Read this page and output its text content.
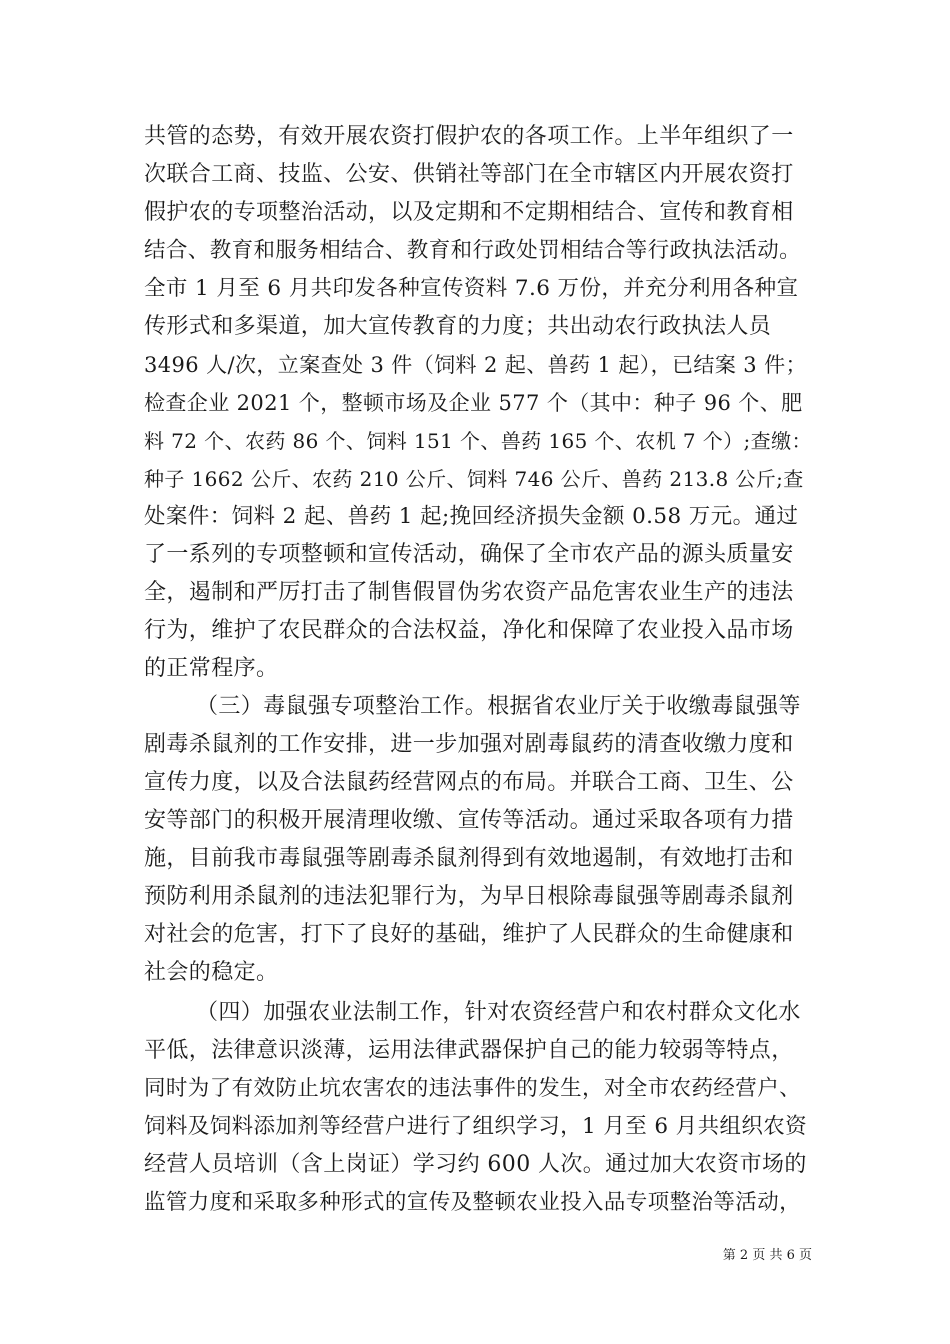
共管的态势，有效开展农资打假护农的各项工作。上半年组织了一
次联合工商、技监、公安、供销社等部门在全市辖区内开展农资打
假护农的专项整治活动，以及定期和不定期相结合、宣传和教育相
结合、教育和服务相结合、教育和行政处罚相结合等行政执法活动。
全市 1 月至 6 月共印发各种宣传资料 7.6 万份，并充分利用各种宣
传形式和多渠道，加大宣传教育的力度；共出动农行政执法人员
3496 人/次，立案查处 3 件（饲料 2 起、兽药 1 起），已结案 3 件；
检查企业 2021 个，整顿市场及企业 577 个（其中：种子 96 个、肥
料 72 个、农药 86 个、饲料 151 个、兽药 165 个、农机 7 个）;查缴：
种子 1662 公斤、农药 210 公斤、饲料 746 公斤、兽药 213.8 公斤;查
处案件：饲料 2 起、兽药 1 起;挽回经济损失金额 0.58 万元。通过
了一系列的专项整顿和宣传活动，确保了全市农产品的源头质量安
全，遏制和严厉打击了制售假冒伪劣农资产品危害农业生产的违法
行为，维护了农民群众的合法权益，净化和保障了农业投入品市场
的正常程序。
（三）毒鼠强专项整治工作。根据省农业厅关于收缴毒鼠强等
剧毒杀鼠剂的工作安排，进一步加强对剧毒鼠药的清查收缴力度和
宣传力度，以及合法鼠药经营网点的布局。并联合工商、卫生、公
安等部门的积极开展清理收缴、宣传等活动。通过采取各项有力措
施，目前我市毒鼠强等剧毒杀鼠剂得到有效地遏制，有效地打击和
预防利用杀鼠剂的违法犯罪行为，为早日根除毒鼠强等剧毒杀鼠剂
对社会的危害，打下了良好的基础，维护了人民群众的生命健康和
社会的稳定。
（四）加强农业法制工作，针对农资经营户和农村群众文化水
平低，法律意识淡薄，运用法律武器保护自己的能力较弱等特点，
同时为了有效防止坑农害农的违法事件的发生，对全市农药经营户、
饲料及饲料添加剂等经营户进行了组织学习，1 月至 6 月共组织农资
经营人员培训（含上岗证）学习约 600 人次。通过加大农资市场的
监管力度和采取多种形式的宣传及整顿农业投入品专项整治等活动，
第 2 页 共 6 页
